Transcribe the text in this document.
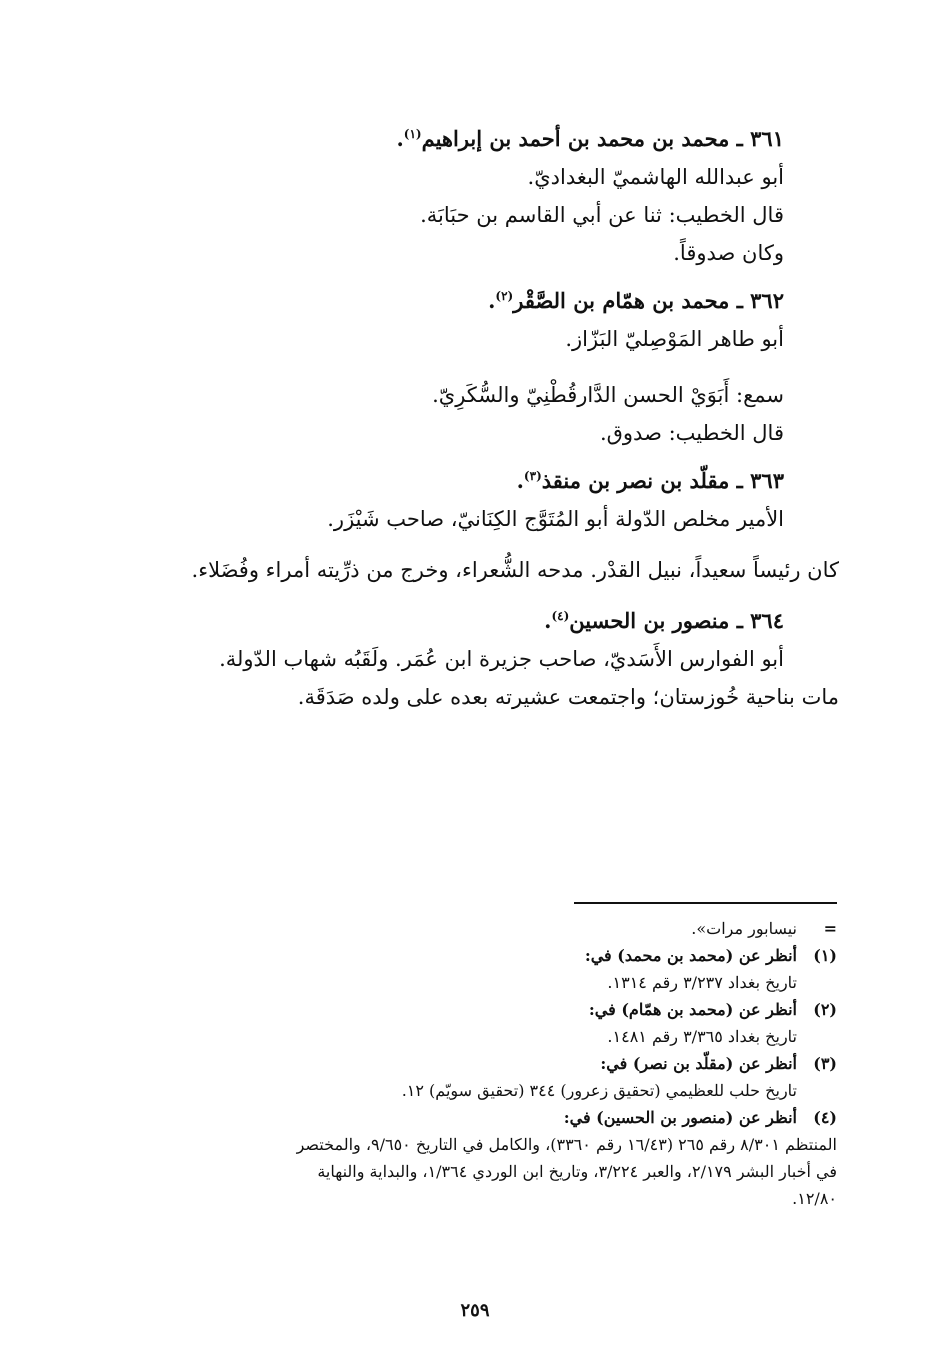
٣٦١ ـ محمد بن محمد بن أحمد بن إبراهيم$^{(١)}$.

أبو عبدالله الهاشميّ البغداديّ.

قال الخطيب: ثنا عن أبي القاسم بن حبَابَة.

وكان صدوقاً.

٣٦٢ ـ محمد بن همّام بن الصَّقْر$^{(٢)}$.

أبو طاهر المَوْصِليّ البَزّاز.

سمع: أَبَوَيْ الحسن الدَّارقُطْنِيّ والسُّكَرِيّ.

قال الخطيب: صدوق.

٣٦٣ ـ مقلّد بن نصر بن منقذ$^{(٣)}$.

الأمير مخلص الدّولة أبو المُتَوَّج الكِنَانيّ، صاحب شَيْزَر.

كان رئيساً سعيداً، نبيل القدْر. مدحه الشُّعراء، وخرج من ذرِّيته أمراء وفُضَلاء.

٣٦٤ ـ منصور بن الحسين$^{(٤)}$.

أبو الفوارس الأَسَديّ، صاحب جزيرة ابن عُمَر. ولَقَبُه شهاب الدّولة.

مات بناحية خُوزستان؛ واجتمعت عشيرته بعده على ولده صَدَقَة.

=
نيسابور مرات».
(١)
أنظر عن (محمد بن محمد) في:
تاريخ بغداد ٣/٢٣٧ رقم ١٣١٤.
(٢)
أنظر عن (محمد بن همّام) في:
تاريخ بغداد ٣/٣٦٥ رقم ١٤٨١.
(٣)
أنظر عن (مقلّد بن نصر) في:
تاريخ حلب للعظيمي (تحقيق زعرور) ٣٤٤ (تحقيق سويّم) ١٢.
(٤)
أنظر عن (منصور بن الحسين) في:
المنتظم ٨/٣٠١ رقم ٢٦٥ (١٦/٤٣ رقم ٣٣٦٠)، والكامل في التاريخ ٩/٦٥٠، والمختصر
في أخبار البشر ٢/١٧٩، والعبر ٣/٢٢٤، وتاريخ ابن الوردي ١/٣٦٤، والبداية والنهاية
١٢/٨٠.
٢٥٩
